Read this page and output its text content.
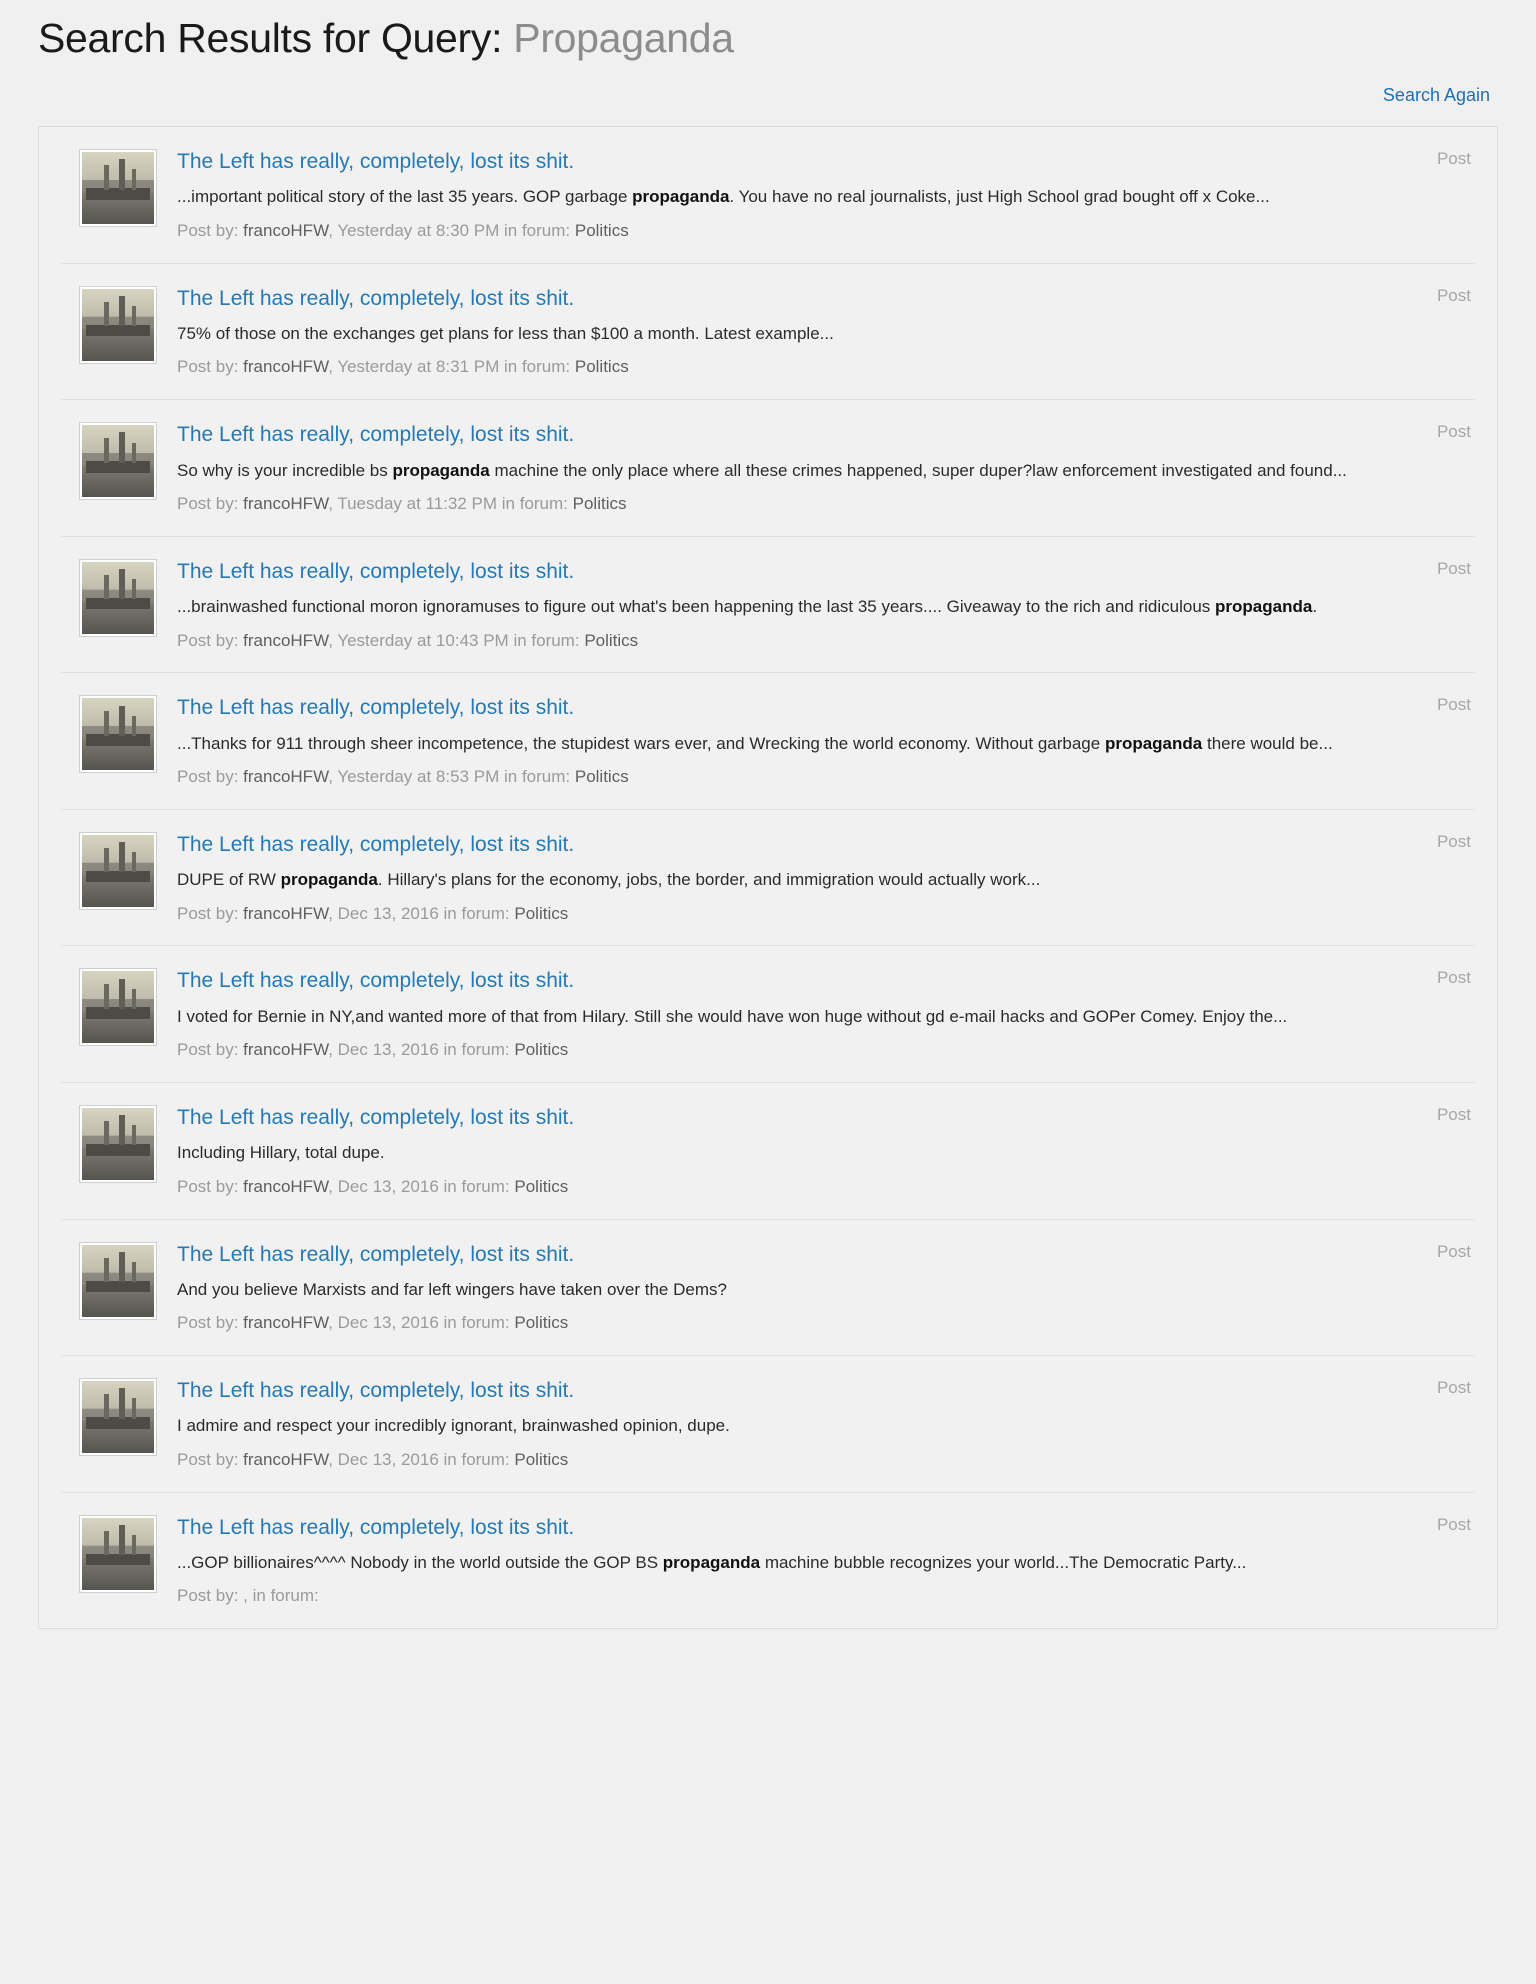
Search Results for Query: Propaganda
Search Again
The Left has really, completely, lost its shit.
...important political story of the last 35 years. GOP garbage propaganda. You have no real journalists, just High School grad bought off x Coke...
Post by: francoHFW, Yesterday at 8:30 PM in forum: Politics
Post
The Left has really, completely, lost its shit.
75% of those on the exchanges get plans for less than $100 a month. Latest example...
Post by: francoHFW, Yesterday at 8:31 PM in forum: Politics
Post
The Left has really, completely, lost its shit.
So why is your incredible bs propaganda machine the only place where all these crimes happened, super duper?law enforcement investigated and found...
Post by: francoHFW, Tuesday at 11:32 PM in forum: Politics
Post
The Left has really, completely, lost its shit.
...brainwashed functional moron ignoramuses to figure out what's been happening the last 35 years.... Giveaway to the rich and ridiculous propaganda.
Post by: francoHFW, Yesterday at 10:43 PM in forum: Politics
Post
The Left has really, completely, lost its shit.
...Thanks for 911 through sheer incompetence, the stupidest wars ever, and Wrecking the world economy. Without garbage propaganda there would be...
Post by: francoHFW, Yesterday at 8:53 PM in forum: Politics
Post
The Left has really, completely, lost its shit.
DUPE of RW propaganda. Hillary's plans for the economy, jobs, the border, and immigration would actually work...
Post by: francoHFW, Dec 13, 2016 in forum: Politics
Post
The Left has really, completely, lost its shit.
I voted for Bernie in NY,and wanted more of that from Hilary. Still she would have won huge without gd e-mail hacks and GOPer Comey. Enjoy the...
Post by: francoHFW, Dec 13, 2016 in forum: Politics
Post
The Left has really, completely, lost its shit.
Including Hillary, total dupe.
Post by: francoHFW, Dec 13, 2016 in forum: Politics
Post
The Left has really, completely, lost its shit.
And you believe Marxists and far left wingers have taken over the Dems?
Post by: francoHFW, Dec 13, 2016 in forum: Politics
Post
The Left has really, completely, lost its shit.
I admire and respect your incredibly ignorant, brainwashed opinion, dupe.
Post by: francoHFW, Dec 13, 2016 in forum: Politics
Post
The Left has really, completely, lost its shit.
...GOP billionaires^^^^ Nobody in the world outside the GOP BS propaganda machine bubble recognizes your world...The Democratic Party...
Post by: , in forum:
Post
